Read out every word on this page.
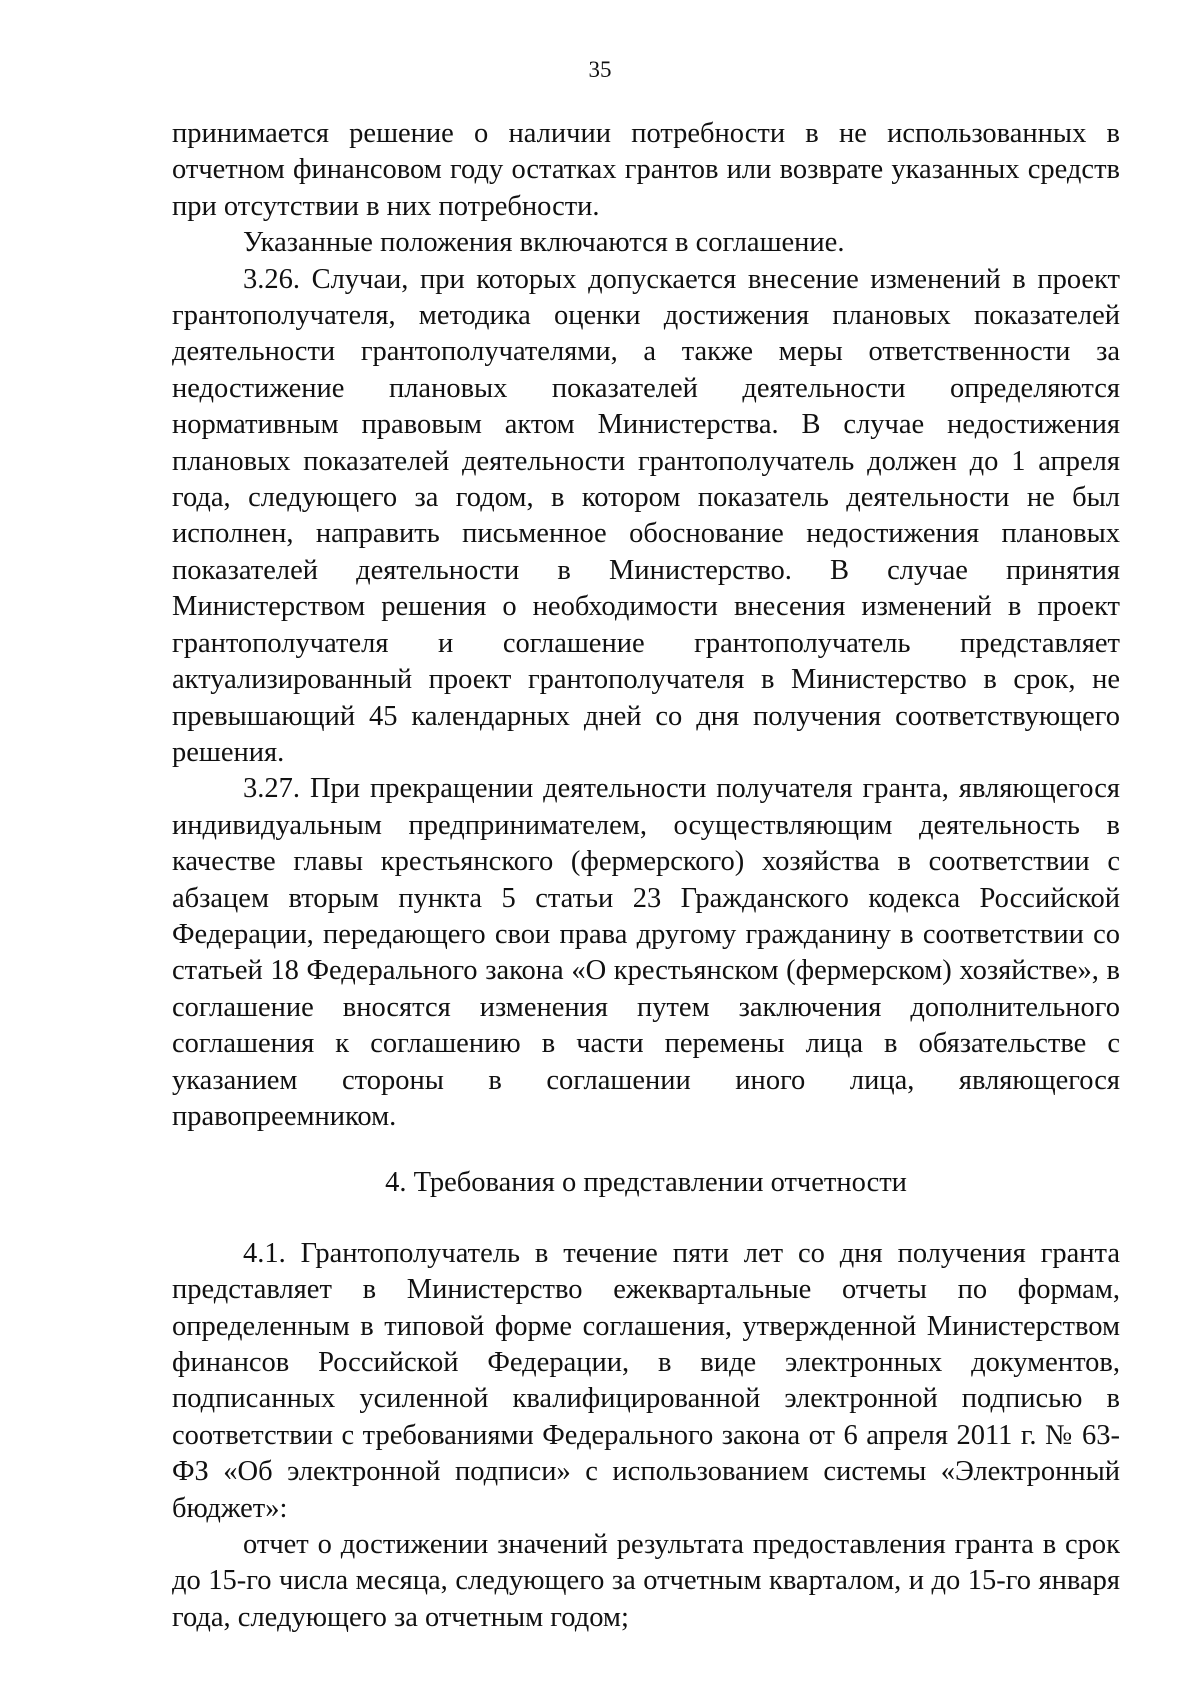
35

принимается решение о наличии потребности в не использованных в отчетном финансовом году остатках грантов или возврате указанных средств при отсутствии в них потребности.

Указанные положения включаются в соглашение.

3.26. Случаи, при которых допускается внесение изменений в проект грантополучателя, методика оценки достижения плановых показателей деятельности грантополучателями, а также меры ответственности за недостижение плановых показателей деятельности определяются нормативным правовым актом Министерства. В случае недостижения плановых показателей деятельности грантополучатель должен до 1 апреля года, следующего за годом, в котором показатель деятельности не был исполнен, направить письменное обоснование недостижения плановых показателей деятельности в Министерство. В случае принятия Министерством решения о необходимости внесения изменений в проект грантополучателя и соглашение грантополучатель представляет актуализированный проект грантополучателя в Министерство в срок, не превышающий 45 календарных дней со дня получения соответствующего решения.

3.27. При прекращении деятельности получателя гранта, являющегося индивидуальным предпринимателем, осуществляющим деятельность в качестве главы крестьянского (фермерского) хозяйства в соответствии с абзацем вторым пункта 5 статьи 23 Гражданского кодекса Российской Федерации, передающего свои права другому гражданину в соответствии со статьей 18 Федерального закона «О крестьянском (фермерском) хозяйстве», в соглашение вносятся изменения путем заключения дополнительного соглашения к соглашению в части перемены лица в обязательстве с указанием стороны в соглашении иного лица, являющегося правопреемником.

4. Требования о представлении отчетности

4.1. Грантополучатель в течение пяти лет со дня получения гранта представляет в Министерство ежеквартальные отчеты по формам, определенным в типовой форме соглашения, утвержденной Министерством финансов Российской Федерации, в виде электронных документов, подписанных усиленной квалифицированной электронной подписью в соответствии с требованиями Федерального закона от 6 апреля 2011 г. № 63-ФЗ «Об электронной подписи» с использованием системы «Электронный бюджет»:

отчет о достижении значений результата предоставления гранта в срок до 15-го числа месяца, следующего за отчетным кварталом, и до 15-го января года, следующего за отчетным годом;
